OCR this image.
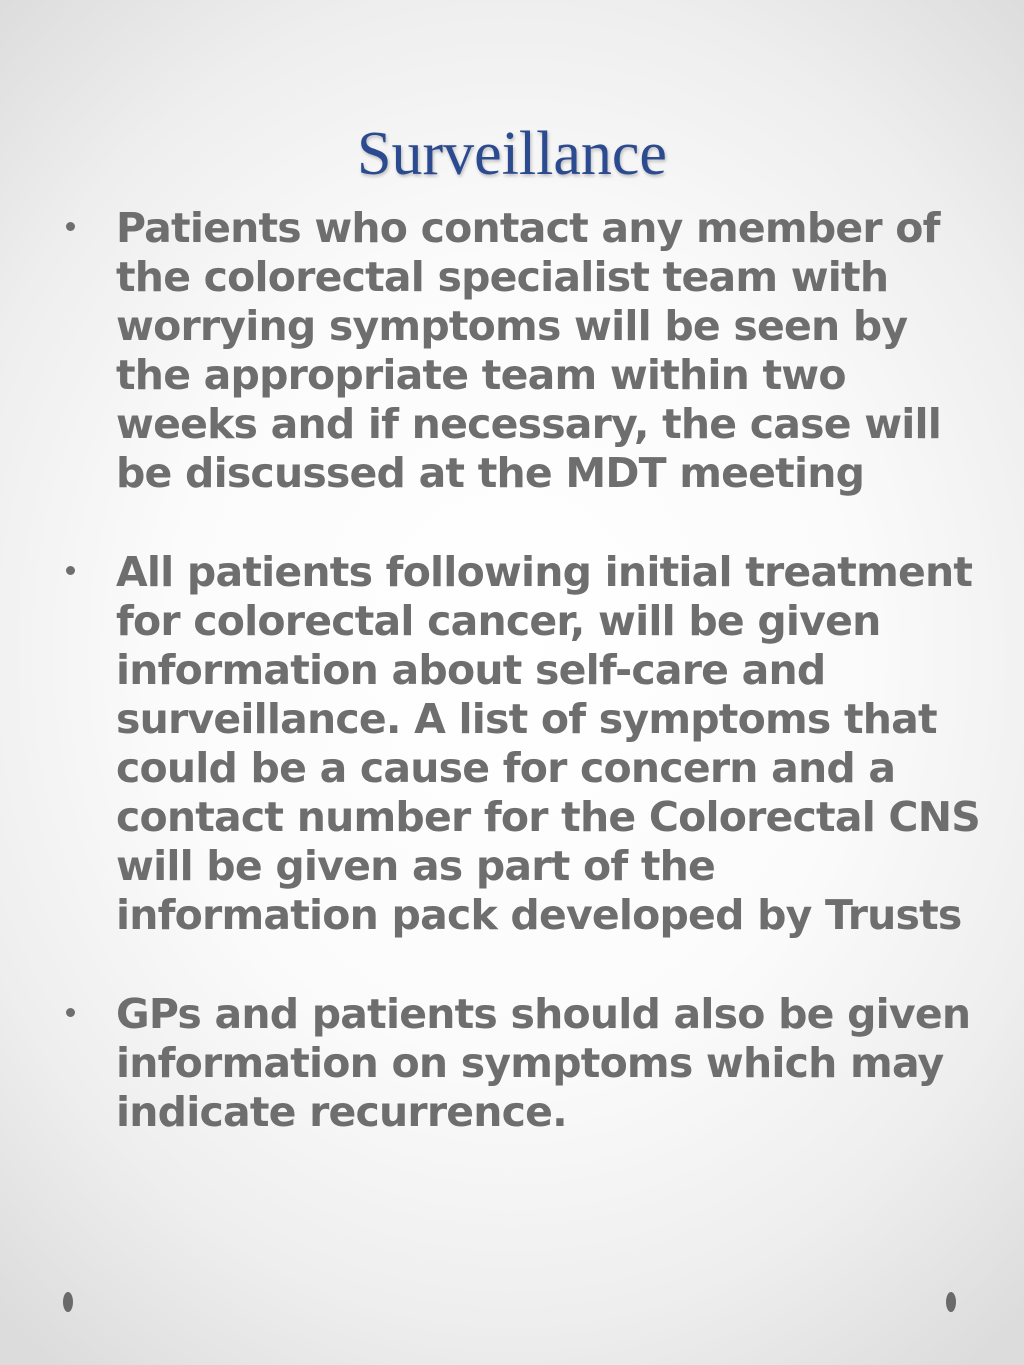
Surveillance
Patients who contact any member of the colorectal specialist team with worrying symptoms will be seen by the appropriate team within two weeks and if necessary, the case will be discussed at the MDT meeting
All patients following initial treatment for colorectal cancer, will be given information about self-care and surveillance. A list of symptoms that could be a cause for concern and a contact number for the Colorectal CNS will be given as part of the information pack developed by Trusts
GPs and patients should also be given information on symptoms which may indicate recurrence.
